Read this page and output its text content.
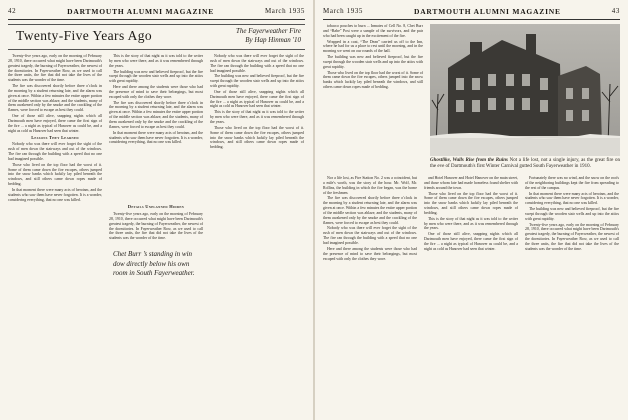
42	DARTMOUTH ALUMNI MAGAZINE	March 1935
Twenty-Five Years Ago	The Fayerweather Fire
By Hap Hinman '10

Twenty-five years ago, early on the morning of February 28, 1910, there occurred what might have been Dartmouth's greatest tragedy, the burning of Fayerweather, the newest of the dormitories. In Fayerweather Row, as we used to call the three units, the fire that did not take the lives of the students was the wonder of the time.

The fire was discovered shortly before three o'clock in the morning by a student returning late, and the alarm was given at once. Within a few minutes the entire upper portion of the middle section was ablaze, and the students, many of them awakened only by the smoke and the crackling of the flames, were forced to escape as best they could.

One of those still alive, snapping nights which all Dartmouth men have enjoyed, there came the first sign of the fire ... a night as typical of Hanover as could be, and a night as cold as Hanover had seen that winter.

Lessons They Learned

Nobody who was there will ever forget the sight of the rush of men down the stairways and out of the windows. The fire ran through the building with a speed that no one had imagined possible.

Those who lived on the top floor had the worst of it. Some of them came down the fire escapes, others jumped into the snow banks which luckily lay piled beneath the windows, and still others came down ropes made of bedding.

In that moment there were many acts of heroism, and the students who saw them have never forgotten. It is a wonder, considering everything, that no one was killed.

This is the story of that night as it was told to the writer by men who were there, and as it was remembered through the years.

The building was new and believed fireproof, but the fire swept through the wooden stair wells and up into the attics with great rapidity.

Here and there among the students were those who had the presence of mind to save their belongings, but most escaped with only the clothes they wore.

The fire was discovered shortly before three o'clock in the morning by a student returning late, and the alarm was given at once. Within a few minutes the entire upper portion of the middle section was ablaze, and the students, many of them awakened only by the smoke and the crackling of the flames, were forced to escape as best they could.

In that moment there were many acts of heroism, and the students who saw them have never forgotten. It is a wonder, considering everything, that no one was killed.

Details Unplanned Hidden

Twenty-five years ago, early on the morning of February 28, 1910, there occurred what might have been Dartmouth's greatest tragedy, the burning of Fayerweather, the newest of the dormitories. In Fayerweather Row, as we used to call the three units, the fire that did not take the lives of the students was the wonder of the time.

Nobody who was there will ever forget the sight of the rush of men down the stairways and out of the windows. The fire ran through the building with a speed that no one had imagined possible.

The building was new and believed fireproof, but the fire swept through the wooden stair wells and up into the attics with great rapidity.

One of those still alive, snapping nights which all Dartmouth men have enjoyed, there came the first sign of the fire ... a night as typical of Hanover as could be, and a night as cold as Hanover had seen that winter.

This is the story of that night as it was told to the writer by men who were there, and as it was remembered through the years.

Those who lived on the top floor had the worst of it. Some of them came down the fire escapes, others jumped into the snow banks which luckily lay piled beneath the windows, and still others came down ropes made of bedding.

Chet Burr ’s standing in win dow directly below his own room in South Fayerweather.
March 1935	DARTMOUTH ALUMNI MAGAZINE	43

tobacco pouches to burn ... Inmates of Cell No. 8, Chet Burr and “Babe” Post were a sample of the survivors, and the pair who had been caught up in the excitement of the fire.

Wrapped in a coat, “The Dean” carried us off to the Inn, where he had for us a place to rest until the morning, and in the morning we went on our rounds of the hall.

The building was new and believed fireproof, but the fire swept through the wooden stair wells and up into the attics with great rapidity.

Those who lived on the top floor had the worst of it. Some of them came down the fire escapes, others jumped into the snow banks which luckily lay piled beneath the windows, and still others came down ropes made of bedding.

Ghostlike, Walls Rise from the Ruins Not a life lost, not a single injury, as the great fire on the eve of Dartmouth's first Winter Carnival gutted South Fayerweather in 1910.

Nor a life lost, as Fire Station No. 2 was a coincident, but a mile's worth, was the story of the hour. Mr. Wolf, Mr. Rollins, the building in which the fire began, was the home of the freshmen.

The fire was discovered shortly before three o'clock in the morning by a student returning late, and the alarm was given at once. Within a few minutes the entire upper portion of the middle section was ablaze, and the students, many of them awakened only by the smoke and the crackling of the flames, were forced to escape as best they could.

Nobody who was there will ever forget the sight of the rush of men down the stairways and out of the windows. The fire ran through the building with a speed that no one had imagined possible.

Here and there among the students were those who had the presence of mind to save their belongings, but most escaped with only the clothes they wore.

and Hotel Hanover and Hotel Hanover on the main street, and those whom fate had made homeless found shelter with friends around the town.

Those who lived on the top floor had the worst of it. Some of them came down the fire escapes, others jumped into the snow banks which luckily lay piled beneath the windows, and still others came down ropes made of bedding.

This is the story of that night as it was told to the writer by men who were there, and as it was remembered through the years.

One of those still alive, snapping nights which all Dartmouth men have enjoyed, there came the first sign of the fire ... a night as typical of Hanover as could be, and a night as cold as Hanover had seen that winter.

Fortunately there was no wind, and the snow on the roofs of the neighboring buildings kept the fire from spreading to the rest of the campus.

In that moment there were many acts of heroism, and the students who saw them have never forgotten. It is a wonder, considering everything, that no one was killed.

The building was new and believed fireproof, but the fire swept through the wooden stair wells and up into the attics with great rapidity.

Twenty-five years ago, early on the morning of February 28, 1910, there occurred what might have been Dartmouth's greatest tragedy, the burning of Fayerweather, the newest of the dormitories. In Fayerweather Row, as we used to call the three units, the fire that did not take the lives of the students was the wonder of the time.
